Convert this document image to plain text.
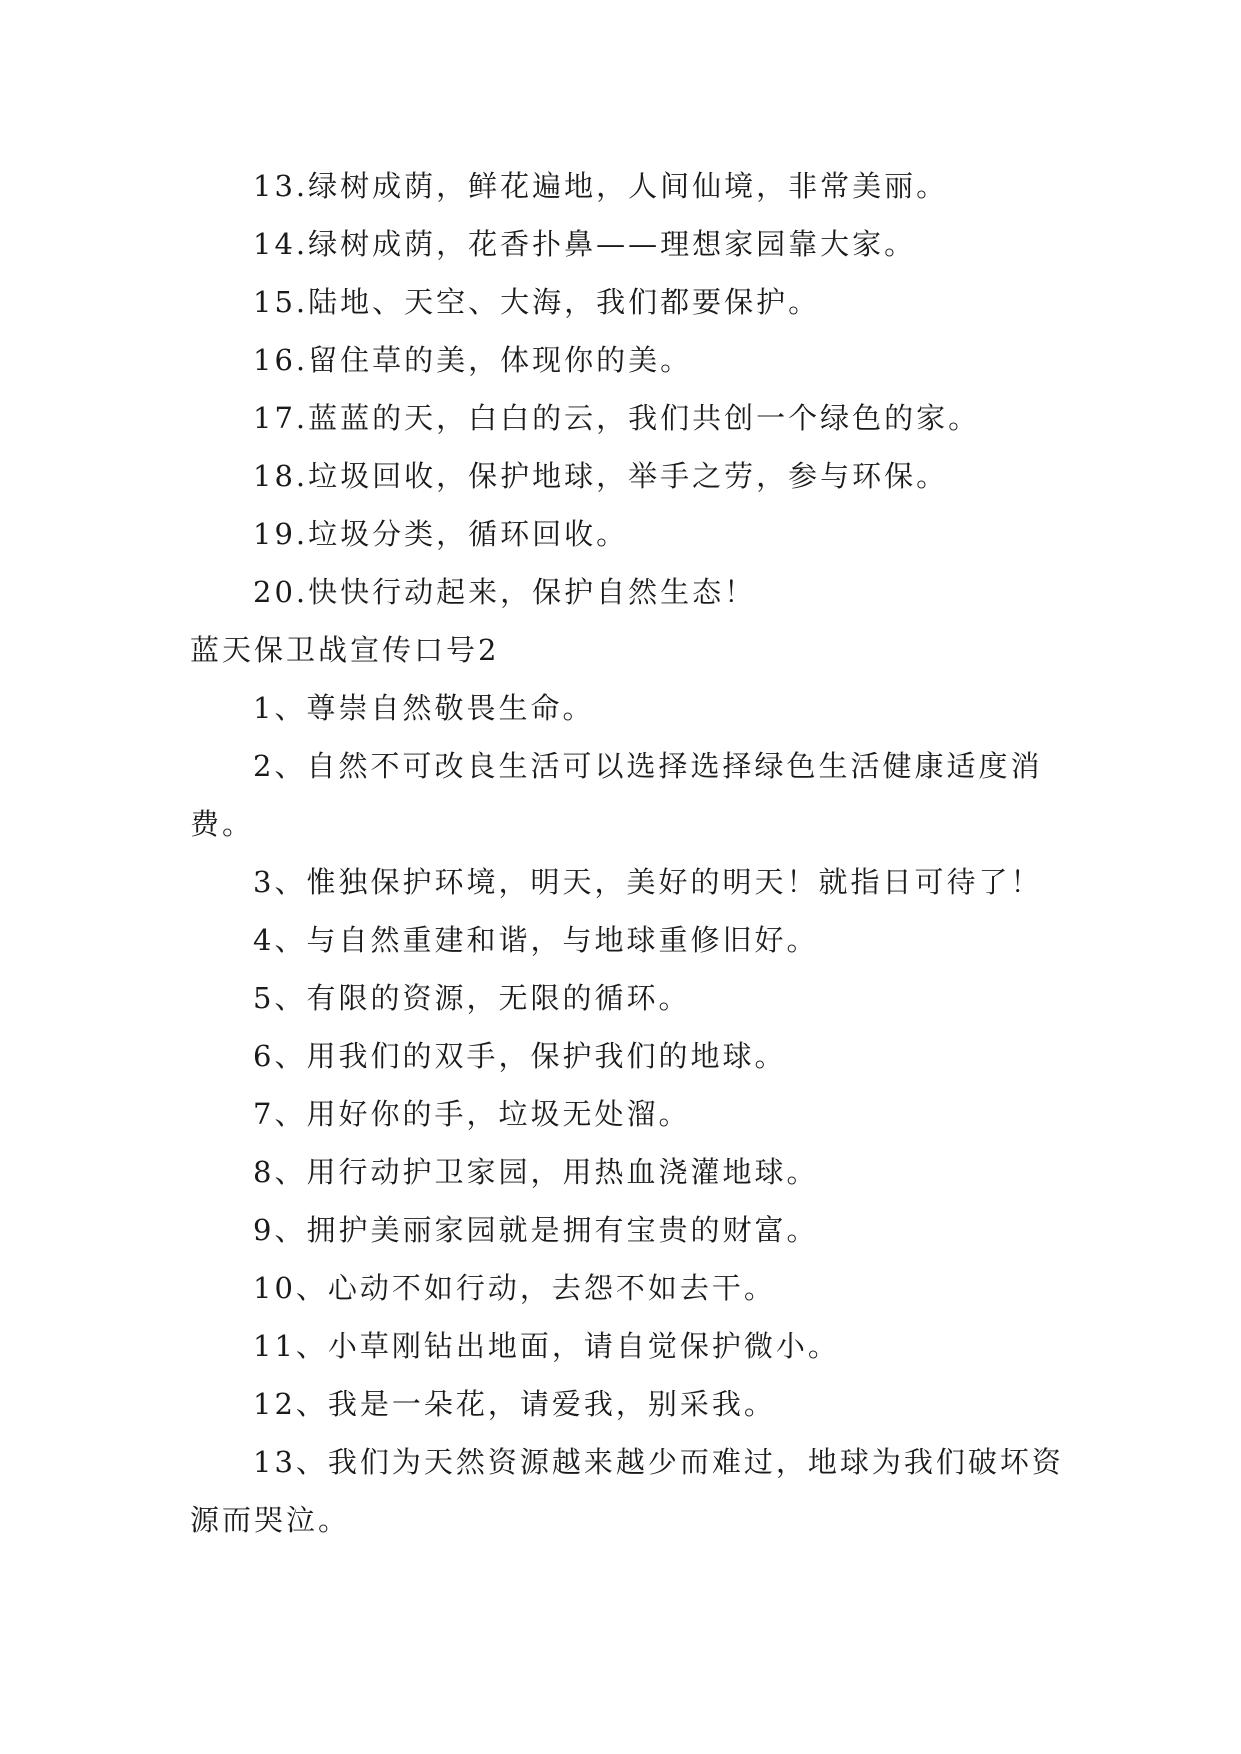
13.绿树成荫，鲜花遍地，人间仙境，非常美丽。
14.绿树成荫，花香扑鼻——理想家园靠大家。
15.陆地、天空、大海，我们都要保护。
16.留住草的美，体现你的美。
17.蓝蓝的天，白白的云，我们共创一个绿色的家。
18.垃圾回收，保护地球，举手之劳，参与环保。
19.垃圾分类，循环回收。
20.快快行动起来，保护自然生态！
蓝天保卫战宣传口号2
1、尊崇自然敬畏生命。
2、自然不可改良生活可以选择选择绿色生活健康适度消费。
3、惟独保护环境，明天，美好的明天！就指日可待了！
4、与自然重建和谐，与地球重修旧好。
5、有限的资源，无限的循环。
6、用我们的双手，保护我们的地球。
7、用好你的手，垃圾无处溜。
8、用行动护卫家园，用热血浇灌地球。
9、拥护美丽家园就是拥有宝贵的财富。
10、心动不如行动，去怨不如去干。
11、小草刚钻出地面，请自觉保护微小。
12、我是一朵花，请爱我，别采我。
13、我们为天然资源越来越少而难过，地球为我们破坏资源而哭泣。
